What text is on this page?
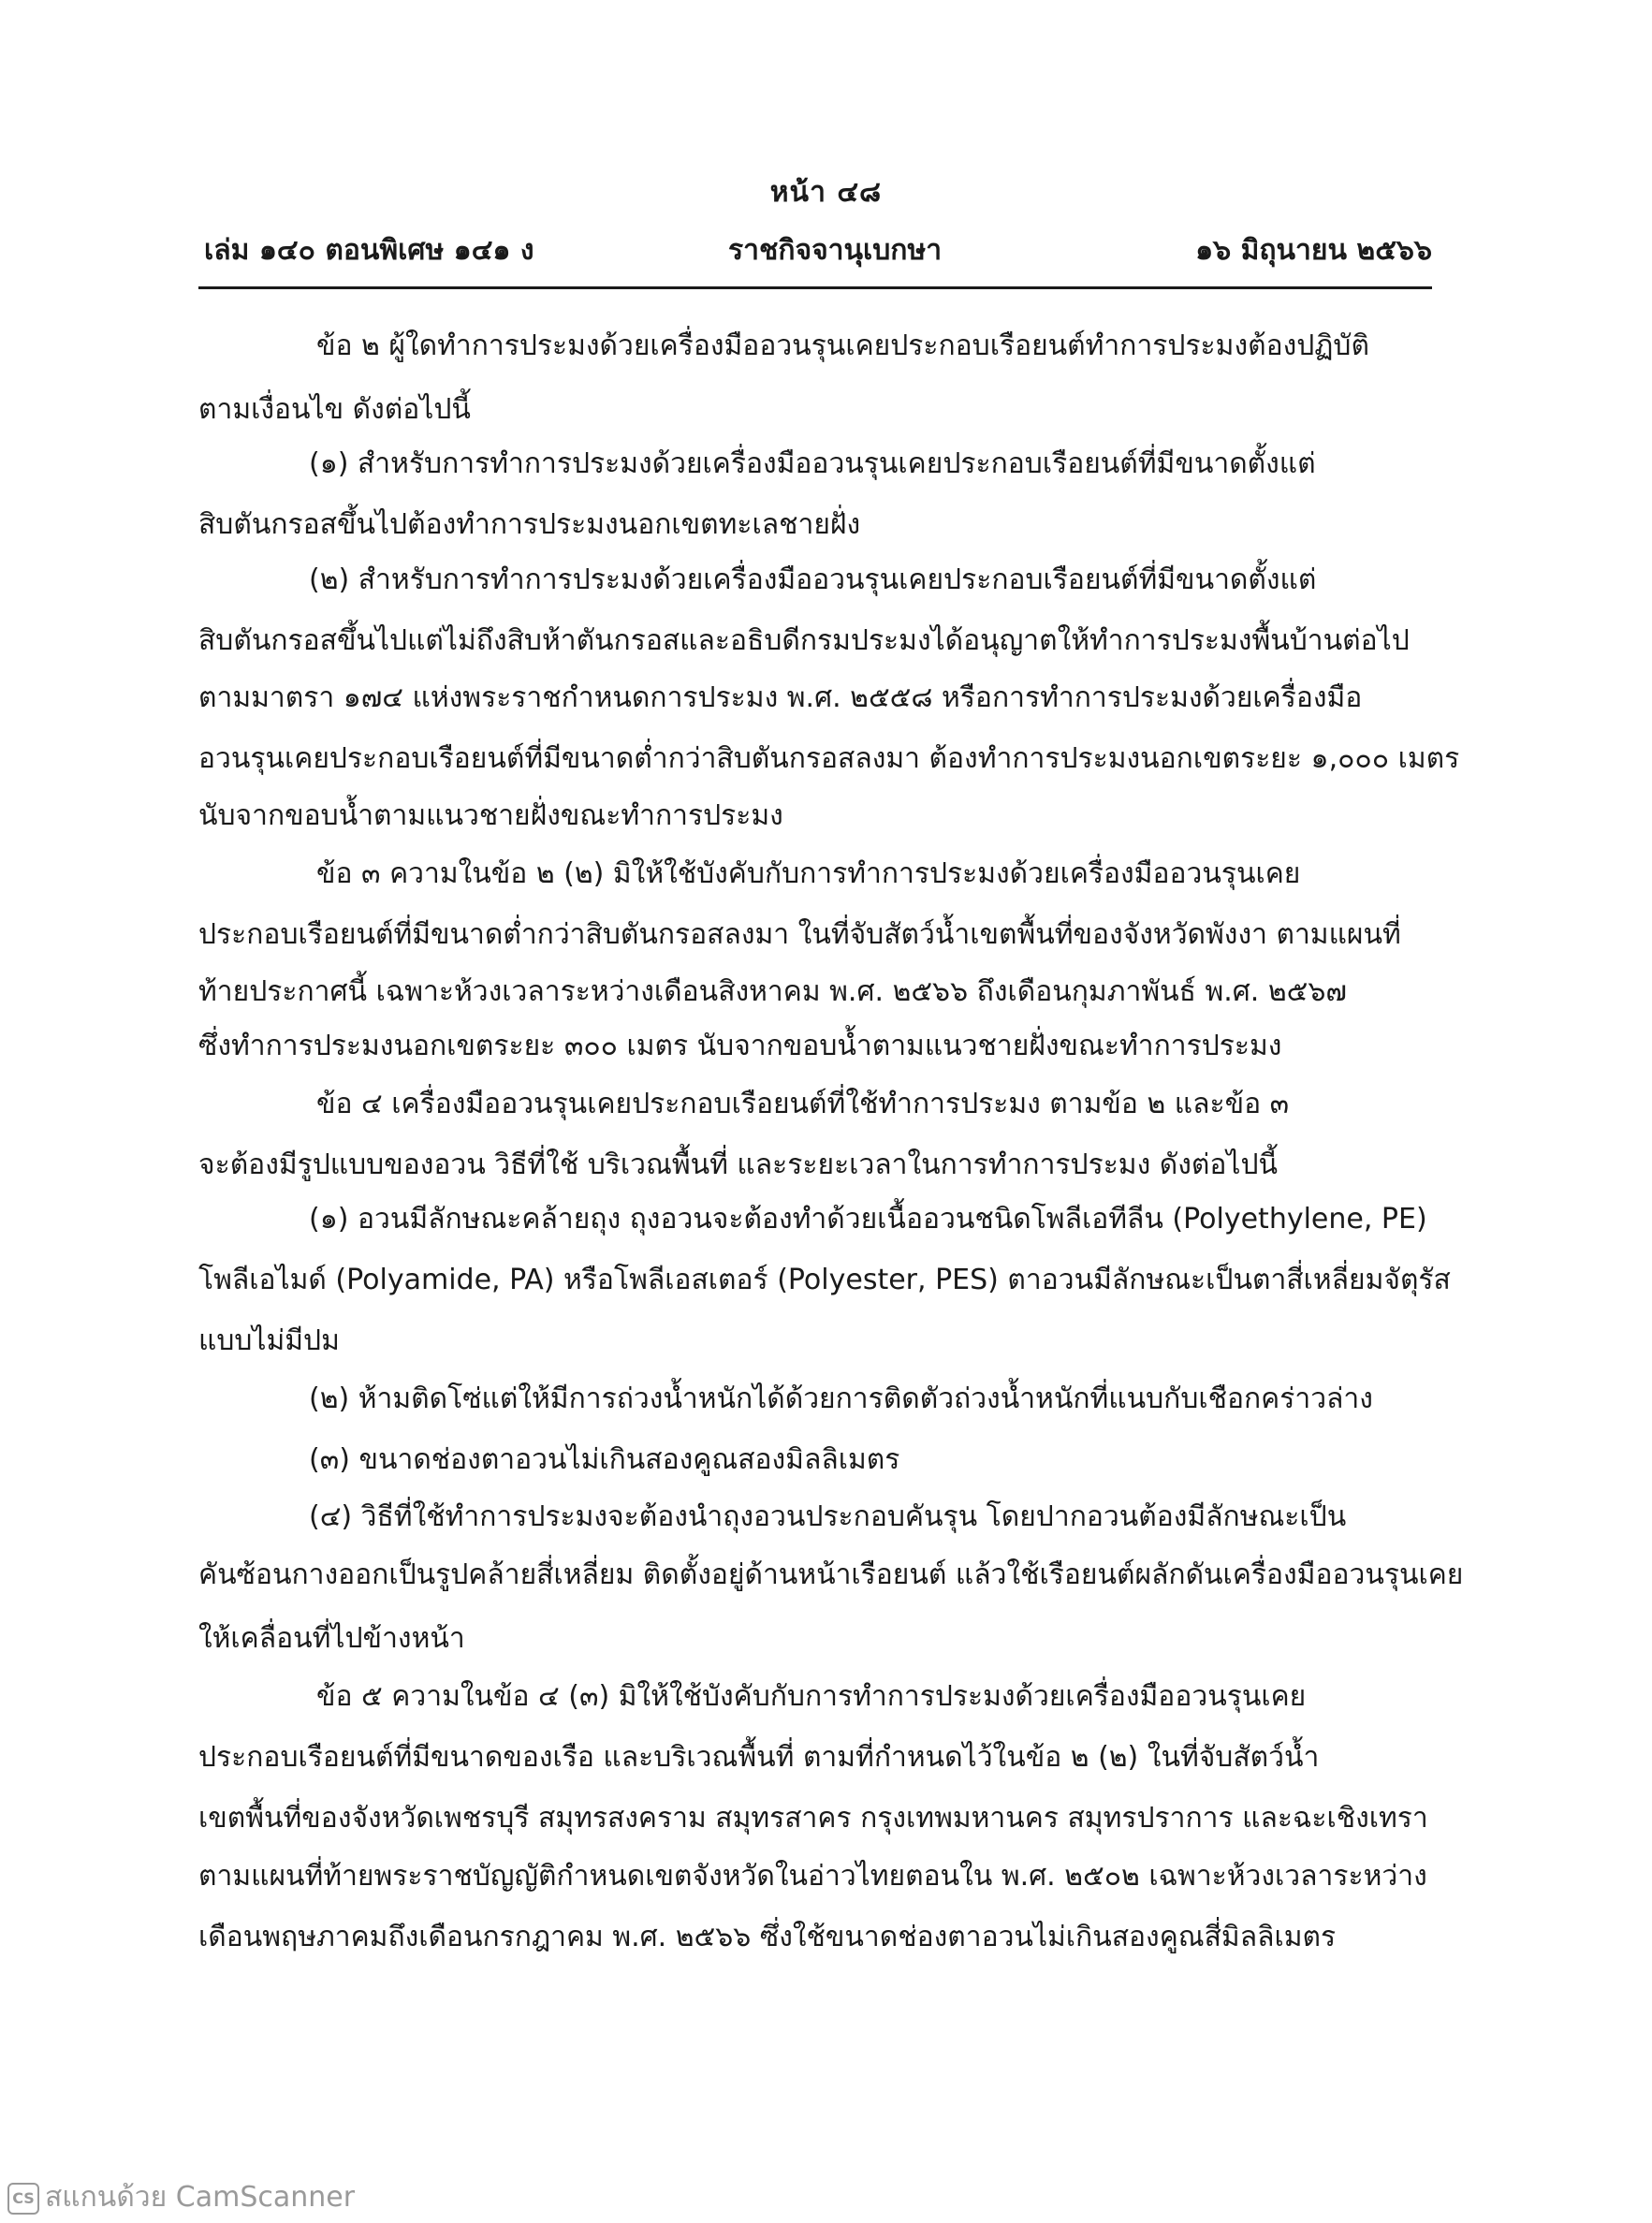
หน้า ๔๘
เล่ม ๑๔๐ ตอนพิเศษ ๑๔๑ ง	ราชกิจจานุเบกษา	๑๖ มิถุนายน ๒๕๖๖
ข้อ ๒ ผู้ใดทำการประมงด้วยเครื่องมืออวนรุนเคยประกอบเรือยนต์ทำการประมงต้องปฏิบัติ
ตามเงื่อนไข ดังต่อไปนี้
(๑) สำหรับการทำการประมงด้วยเครื่องมืออวนรุนเคยประกอบเรือยนต์ที่มีขนาดตั้งแต่
สิบตันกรอสขึ้นไปต้องทำการประมงนอกเขตทะเลชายฝั่ง
(๒) สำหรับการทำการประมงด้วยเครื่องมืออวนรุนเคยประกอบเรือยนต์ที่มีขนาดตั้งแต่
สิบตันกรอสขึ้นไปแต่ไม่ถึงสิบห้าตันกรอสและอธิบดีกรมประมงได้อนุญาตให้ทำการประมงพื้นบ้านต่อไป
ตามมาตรา ๑๗๔ แห่งพระราชกำหนดการประมง พ.ศ. ๒๕๕๘ หรือการทำการประมงด้วยเครื่องมือ
อวนรุนเคยประกอบเรือยนต์ที่มีขนาดต่ำกว่าสิบตันกรอสลงมา ต้องทำการประมงนอกเขตระยะ ๑,๐๐๐ เมตร
นับจากขอบน้ำตามแนวชายฝั่งขณะทำการประมง
ข้อ ๓ ความในข้อ ๒ (๒) มิให้ใช้บังคับกับการทำการประมงด้วยเครื่องมืออวนรุนเคย
ประกอบเรือยนต์ที่มีขนาดต่ำกว่าสิบตันกรอสลงมา ในที่จับสัตว์น้ำเขตพื้นที่ของจังหวัดพังงา ตามแผนที่
ท้ายประกาศนี้ เฉพาะห้วงเวลาระหว่างเดือนสิงหาคม พ.ศ. ๒๕๖๖ ถึงเดือนกุมภาพันธ์ พ.ศ. ๒๕๖๗
ซึ่งทำการประมงนอกเขตระยะ ๓๐๐ เมตร นับจากขอบน้ำตามแนวชายฝั่งขณะทำการประมง
ข้อ ๔ เครื่องมืออวนรุนเคยประกอบเรือยนต์ที่ใช้ทำการประมง ตามข้อ ๒ และข้อ ๓
จะต้องมีรูปแบบของอวน วิธีที่ใช้ บริเวณพื้นที่ และระยะเวลาในการทำการประมง ดังต่อไปนี้
(๑) อวนมีลักษณะคล้ายถุง ถุงอวนจะต้องทำด้วยเนื้ออวนชนิดโพลีเอทีลีน (Polyethylene, PE)
โพลีเอไมด์ (Polyamide, PA) หรือโพลีเอสเตอร์ (Polyester, PES) ตาอวนมีลักษณะเป็นตาสี่เหลี่ยมจัตุรัส
แบบไม่มีปม
(๒) ห้ามติดโซ่แต่ให้มีการถ่วงน้ำหนักได้ด้วยการติดตัวถ่วงน้ำหนักที่แนบกับเชือกคร่าวล่าง
(๓) ขนาดช่องตาอวนไม่เกินสองคูณสองมิลลิเมตร
(๔) วิธีที่ใช้ทำการประมงจะต้องนำถุงอวนประกอบคันรุน โดยปากอวนต้องมีลักษณะเป็น
คันซ้อนกางออกเป็นรูปคล้ายสี่เหลี่ยม ติดตั้งอยู่ด้านหน้าเรือยนต์ แล้วใช้เรือยนต์ผลักดันเครื่องมืออวนรุนเคย
ให้เคลื่อนที่ไปข้างหน้า
ข้อ ๕ ความในข้อ ๔ (๓) มิให้ใช้บังคับกับการทำการประมงด้วยเครื่องมืออวนรุนเคย
ประกอบเรือยนต์ที่มีขนาดของเรือ และบริเวณพื้นที่ ตามที่กำหนดไว้ในข้อ ๒ (๒) ในที่จับสัตว์น้ำ
เขตพื้นที่ของจังหวัดเพชรบุรี สมุทรสงคราม สมุทรสาคร กรุงเทพมหานคร สมุทรปราการ และฉะเชิงเทรา
ตามแผนที่ท้ายพระราชบัญญัติกำหนดเขตจังหวัดในอ่าวไทยตอนใน พ.ศ. ๒๕๐๒ เฉพาะห้วงเวลาระหว่าง
เดือนพฤษภาคมถึงเดือนกรกฎาคม พ.ศ. ๒๕๖๖ ซึ่งใช้ขนาดช่องตาอวนไม่เกินสองคูณสี่มิลลิเมตร
CS สแกนด้วย CamScanner
